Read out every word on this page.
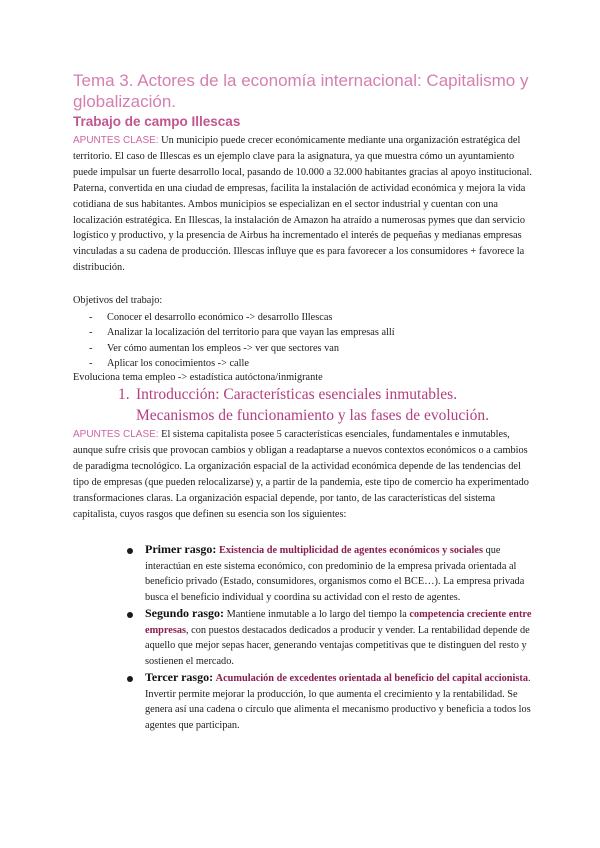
Tema 3. Actores de la economía internacional: Capitalismo y globalización.
Trabajo de campo Illescas
APUNTES CLASE: Un municipio puede crecer económicamente mediante una organización estratégica del territorio. El caso de Illescas es un ejemplo clave para la asignatura, ya que muestra cómo un ayuntamiento puede impulsar un fuerte desarrollo local, pasando de 10.000 a 32.000 habitantes gracias al apoyo institucional. Paterna, convertida en una ciudad de empresas, facilita la instalación de actividad económica y mejora la vida cotidiana de sus habitantes. Ambos municipios se especializan en el sector industrial y cuentan con una localización estratégica. En Illescas, la instalación de Amazon ha atraído a numerosas pymes que dan servicio logístico y productivo, y la presencia de Airbus ha incrementado el interés de pequeñas y medianas empresas vinculadas a su cadena de producción. Illescas influye que es para favorecer a los consumidores + favorece la distribución.
Objetivos del trabajo:
- Conocer el desarrollo económico -> desarrollo Illescas
- Analizar la localización del territorio para que vayan las empresas allí
- Ver cómo aumentan los empleos -> ver que sectores van
- Aplicar los conocimientos -> calle
Evoluciona tema empleo -> estadística autóctona/inmigrante
1. Introducción: Características esenciales inmutables.
Mecanismos de funcionamiento y las fases de evolución.
APUNTES CLASE: El sistema capitalista posee 5 características esenciales, fundamentales e inmutables, aunque sufre crisis que provocan cambios y obligan a readaptarse a nuevos contextos económicos o a cambios de paradigma tecnológico. La organización espacial de la actividad económica depende de las tendencias del tipo de empresas (que pueden relocalizarse) y, a partir de la pandemia, este tipo de comercio ha experimentado transformaciones claras. La organización espacial depende, por tanto, de las características del sistema capitalista, cuyos rasgos que definen su esencia son los siguientes:
Primer rasgo: Existencia de multiplicidad de agentes económicos y sociales que interactúan en este sistema económico, con predominio de la empresa privada orientada al beneficio privado (Estado, consumidores, organismos como el BCE…). La empresa privada busca el beneficio individual y coordina su actividad con el resto de agentes.
Segundo rasgo: Mantiene inmutable a lo largo del tiempo la competencia creciente entre empresas, con puestos destacados dedicados a producir y vender. La rentabilidad depende de aquello que mejor sepas hacer, generando ventajas competitivas que te distinguen del resto y sostienen el mercado.
Tercer rasgo: Acumulación de excedentes orientada al beneficio del capital accionista. Invertir permite mejorar la producción, lo que aumenta el crecimiento y la rentabilidad. Se genera así una cadena o círculo que alimenta el mecanismo productivo y beneficia a todos los agentes que participan.
